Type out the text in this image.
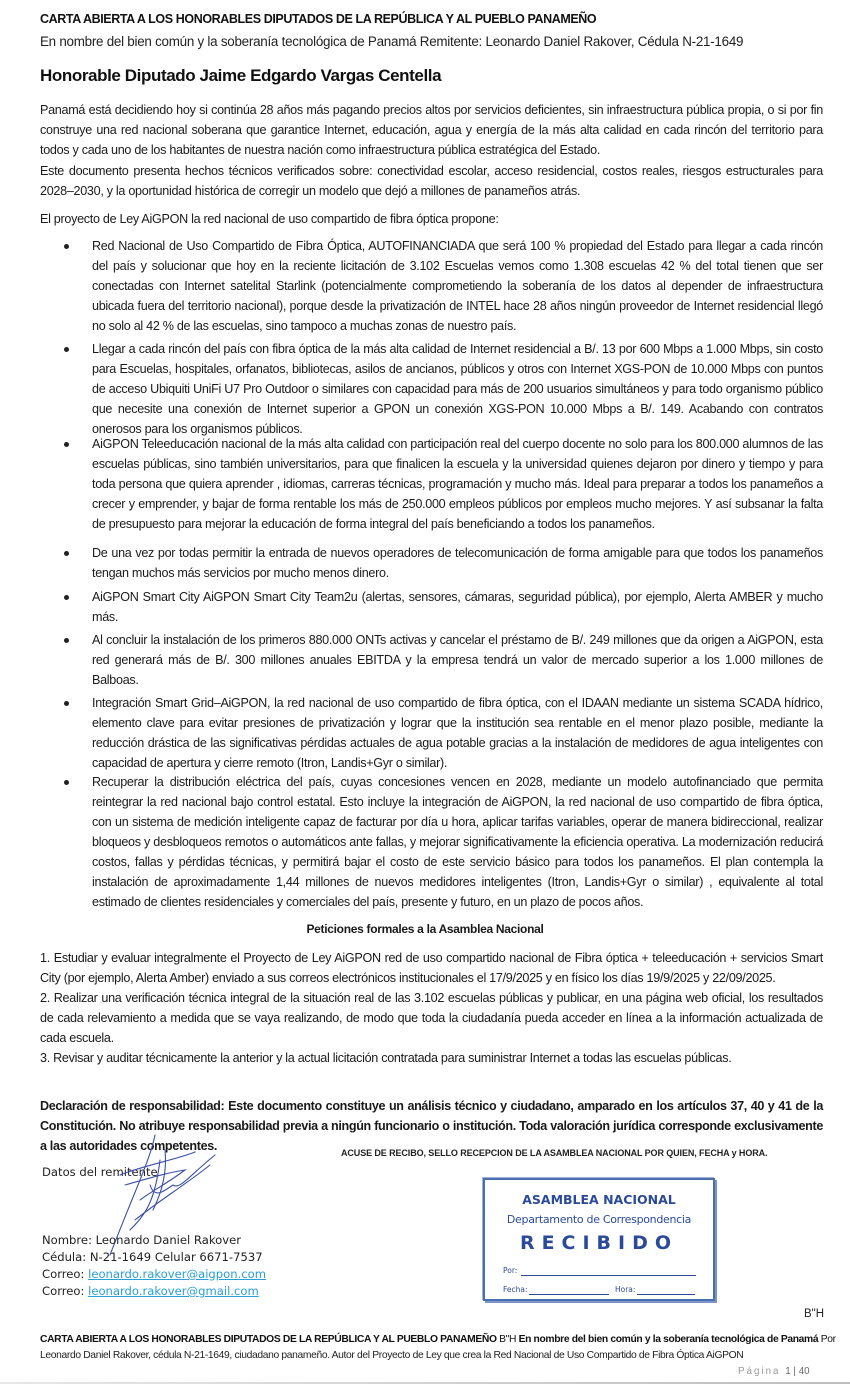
CARTA ABIERTA A LOS HONORABLES DIPUTADOS DE LA REPÚBLICA Y AL PUEBLO PANAMEÑO
En nombre del bien común y la soberanía tecnológica de Panamá Remitente: Leonardo Daniel Rakover, Cédula N-21-1649
Honorable Diputado Jaime Edgardo Vargas Centella

Panamá está decidiendo hoy si continúa 28 años más pagando precios altos por servicios deficientes, sin infraestructura pública propia, o si por fin construye una red nacional soberana que garantice Internet, educación, agua y energía de la más alta calidad en cada rincón del territorio para todos y cada uno de los habitantes de nuestra nación como infraestructura pública estratégica del Estado.

Este documento presenta hechos técnicos verificados sobre: conectividad escolar, acceso residencial, costos reales, riesgos estructurales para 2028–2030, y la oportunidad histórica de corregir un modelo que dejó a millones de panameños atrás.

El proyecto de Ley AiGPON la red nacional de uso compartido de fibra óptica propone:

Red Nacional de Uso Compartido de Fibra Óptica, AUTOFINANCIADA que será 100 % propiedad del Estado para llegar a cada rincón del país y solucionar que hoy en la reciente licitación de 3.102 Escuelas vemos como 1.308 escuelas 42 % del total tienen que ser conectadas con Internet satelital Starlink (potencialmente comprometiendo la soberanía de los datos al depender de infraestructura ubicada fuera del territorio nacional), porque desde la privatización de INTEL hace 28 años ningún proveedor de Internet residencial llegó no solo al 42 % de las escuelas, sino tampoco a muchas zonas de nuestro país.
Llegar a cada rincón del país con fibra óptica de la más alta calidad de Internet residencial a B/. 13 por 600 Mbps a 1.000 Mbps, sin costo para Escuelas, hospitales, orfanatos, bibliotecas, asilos de ancianos, públicos y otros con Internet XGS-PON de 10.000 Mbps con puntos de acceso Ubiquiti UniFi U7 Pro Outdoor o similares con capacidad para más de 200 usuarios simultáneos y para todo organismo público que necesite una conexión de Internet superior a GPON un conexión XGS-PON 10.000 Mbps a B/. 149. Acabando con contratos onerosos para los organismos públicos.
AiGPON Teleeducación nacional de la más alta calidad con participación real del cuerpo docente no solo para los 800.000 alumnos de las escuelas públicas, sino también universitarios, para que finalicen la escuela y la universidad quienes dejaron por dinero y tiempo y para toda persona que quiera aprender , idiomas, carreras técnicas, programación y mucho más. Ideal para preparar a todos los panameños a crecer y emprender, y bajar de forma rentable los más de 250.000 empleos públicos por empleos mucho mejores. Y así subsanar la falta de presupuesto para mejorar la educación de forma integral del país beneficiando a todos los panameños.
De una vez por todas permitir la entrada de nuevos operadores de telecomunicación de forma amigable para que todos los panameños tengan muchos más servicios por mucho menos dinero.
AiGPON Smart City AiGPON Smart City Team2u (alertas, sensores, cámaras, seguridad pública), por ejemplo, Alerta AMBER y mucho más.
Al concluir la instalación de los primeros 880.000 ONTs activas y cancelar el préstamo de B/. 249 millones que da origen a AiGPON, esta red generará más de B/. 300 millones anuales EBITDA y la empresa tendrá un valor de mercado superior a los 1.000 millones de Balboas.
Integración Smart Grid–AiGPON, la red nacional de uso compartido de fibra óptica, con el IDAAN mediante un sistema SCADA hídrico, elemento clave para evitar presiones de privatización y lograr que la institución sea rentable en el menor plazo posible, mediante la reducción drástica de las significativas pérdidas actuales de agua potable gracias a la instalación de medidores de agua inteligentes con capacidad de apertura y cierre remoto (Itron, Landis+Gyr o similar).
Recuperar la distribución eléctrica del país, cuyas concesiones vencen en 2028, mediante un modelo autofinanciado que permita reintegrar la red nacional bajo control estatal. Esto incluye la integración de AiGPON, la red nacional de uso compartido de fibra óptica, con un sistema de medición inteligente capaz de facturar por día u hora, aplicar tarifas variables, operar de manera bidireccional, realizar bloqueos y desbloqueos remotos o automáticos ante fallas, y mejorar significativamente la eficiencia operativa. La modernización reducirá costos, fallas y pérdidas técnicas, y permitirá bajar el costo de este servicio básico para todos los panameños. El plan contempla la instalación de aproximadamente 1,44 millones de nuevos medidores inteligentes (Itron, Landis+Gyr o similar) , equivalente al total estimado de clientes residenciales y comerciales del país, presente y futuro, en un plazo de pocos años.
Peticiones formales a la Asamblea Nacional
1. Estudiar y evaluar integralmente el Proyecto de Ley AiGPON red de uso compartido nacional de Fibra óptica + teleeducación + servicios Smart City (por ejemplo, Alerta Amber) enviado a sus correos electrónicos institucionales el 17/9/2025 y en físico los días 19/9/2025 y 22/09/2025.
2. Realizar una verificación técnica integral de la situación real de las 3.102 escuelas públicas y publicar, en una página web oficial, los resultados de cada relevamiento a medida que se vaya realizando, de modo que toda la ciudadanía pueda acceder en línea a la información actualizada de cada escuela.
3. Revisar y auditar técnicamente la anterior y la actual licitación contratada para suministrar Internet a todas las escuelas públicas.
Declaración de responsabilidad: Este documento constituye un análisis técnico y ciudadano, amparado en los artículos 37, 40 y 41 de la Constitución. No atribuye responsabilidad previa a ningún funcionario o institución. Toda valoración jurídica corresponde exclusivamente a las autoridades competentes.	ACUSE DE RECIBO, SELLO RECEPCION DE LA ASAMBLEA NACIONAL POR QUIEN, FECHA y HORA.
Datos del remitente
Nombre: Leonardo Daniel Rakover
Cédula: N-21-1649 Celular 6671-7537
Correo: leonardo.rakover@aigpon.com
Correo: leonardo.rakover@gmail.com
ASAMBLEA NACIONAL
Departamento de Correspondencia
RECIBIDO
Por:
Fecha:	Hora:
B"H
CARTA ABIERTA A LOS HONORABLES DIPUTADOS DE LA REPÚBLICA Y AL PUEBLO PANAMEÑO B"H En nombre del bien común y la soberanía tecnológica de Panamá Por
Leonardo Daniel Rakover, cédula N-21-1649, ciudadano panameño. Autor del Proyecto de Ley que crea la Red Nacional de Uso Compartido de Fibra Óptica AiGPON
Página 1 | 40
